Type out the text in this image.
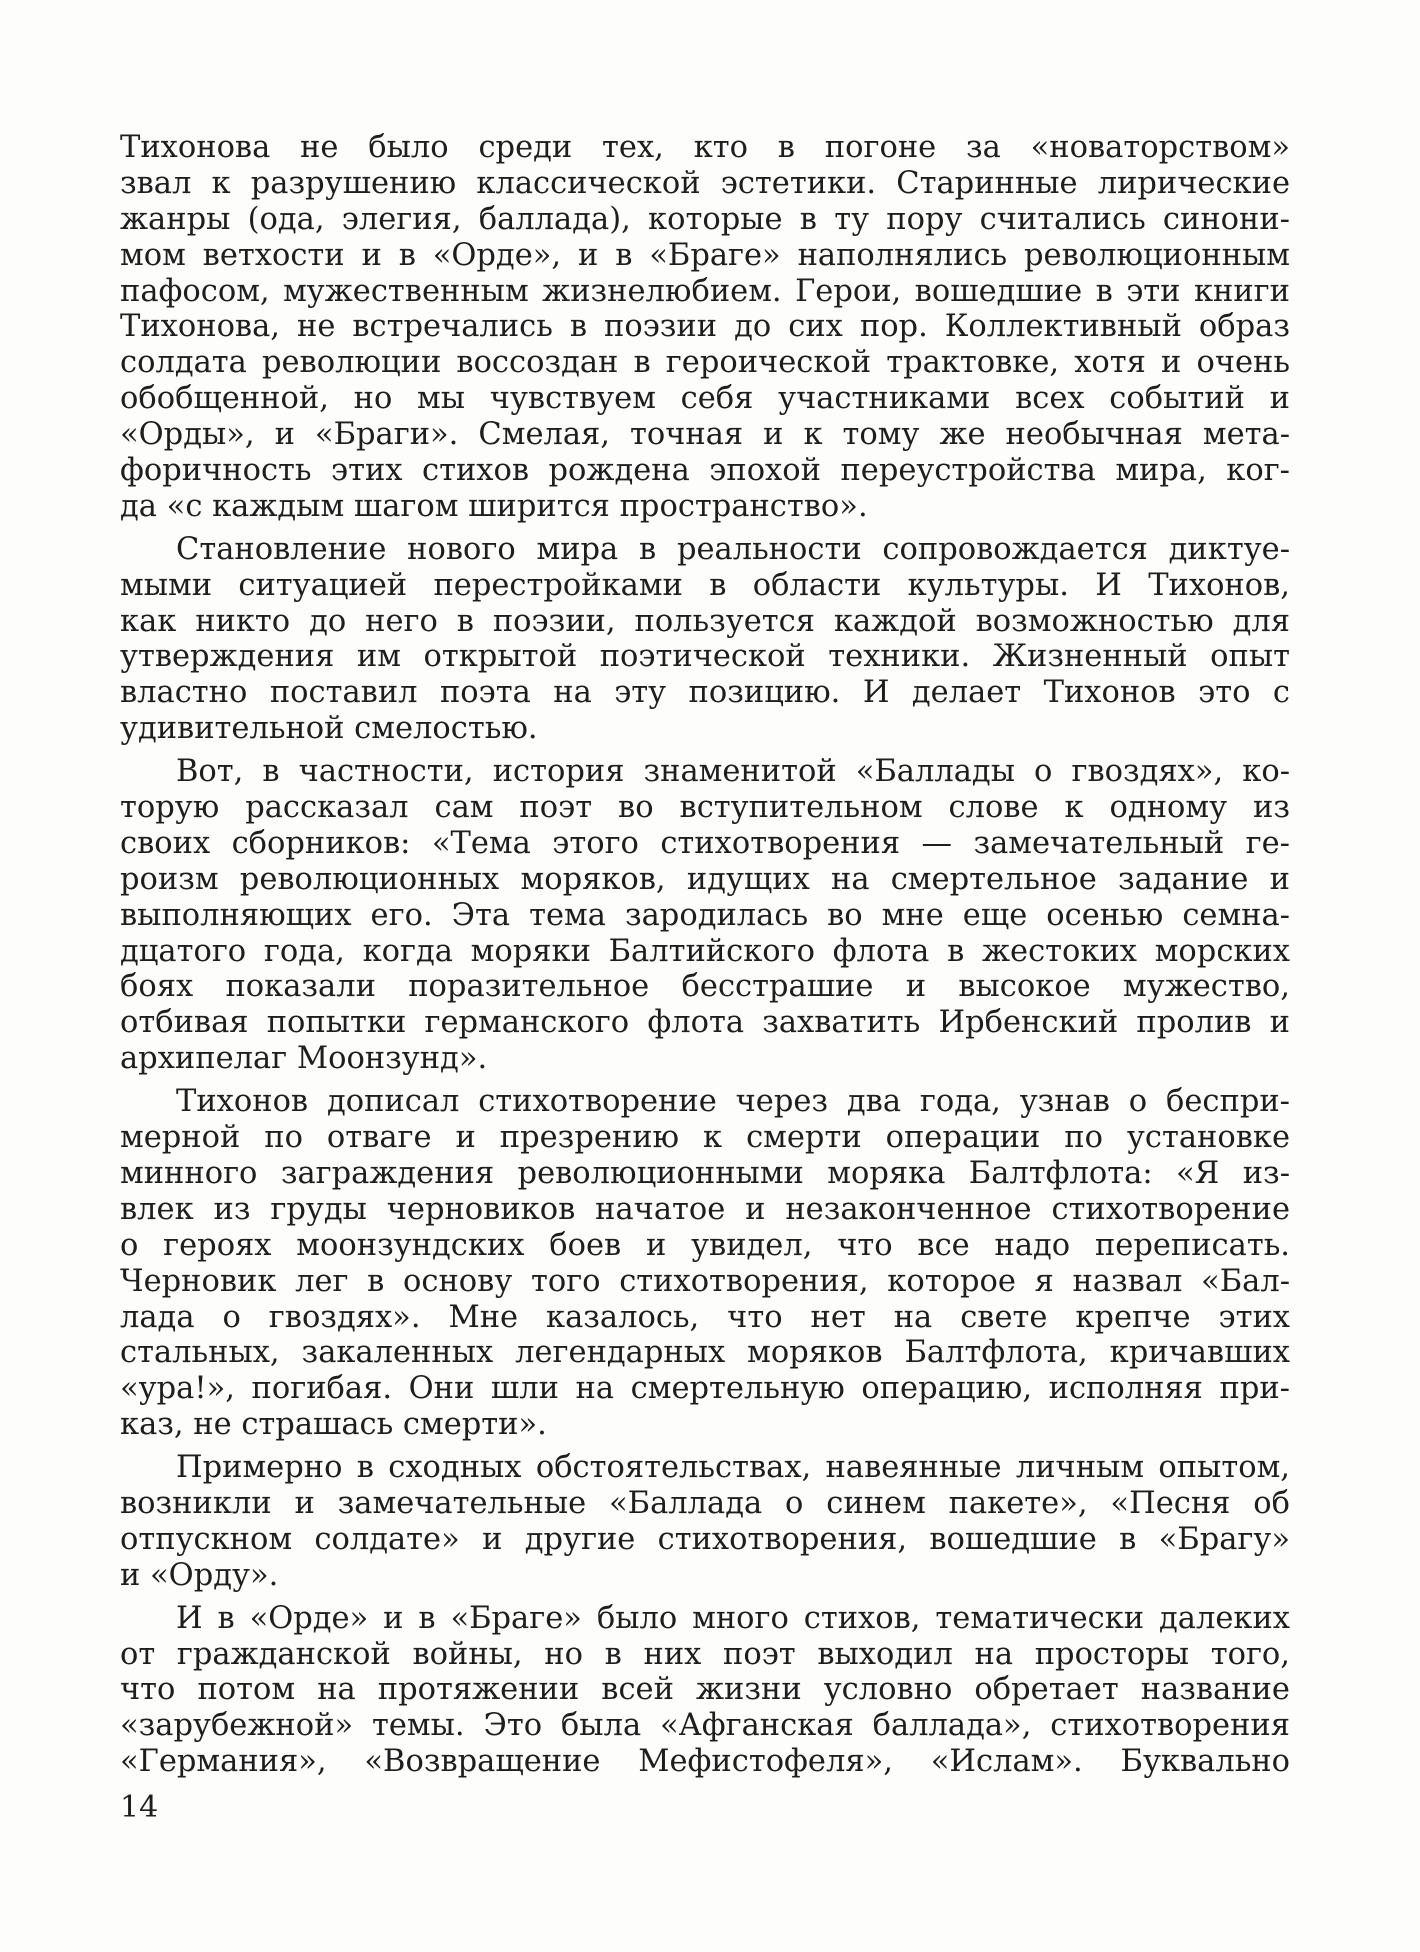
Тихонова не было среди тех, кто в погоне за «новаторством»
звал к разрушению классической эстетики. Старинные лирические
жанры (ода, элегия, баллада), которые в ту пору считались синони-
мом ветхости и в «Орде», и в «Браге» наполнялись революционным
пафосом, мужественным жизнелюбием. Герои, вошедшие в эти книги
Тихонова, не встречались в поэзии до сих пор. Коллективный образ
солдата революции воссоздан в героической трактовке, хотя и очень
обобщенной, но мы чувствуем себя участниками всех событий и
«Орды», и «Браги». Смелая, точная и к тому же необычная мета-
форичность этих стихов рождена эпохой переустройства мира, ког-
да «с каждым шагом ширится пространство».
Становление нового мира в реальности сопровождается диктуе-
мыми ситуацией перестройками в области культуры. И Тихонов,
как никто до него в поэзии, пользуется каждой возможностью для
утверждения им открытой поэтической техники. Жизненный опыт
властно поставил поэта на эту позицию. И делает Тихонов это с
удивительной смелостью.
Вот, в частности, история знаменитой «Баллады о гвоздях», ко-
торую рассказал сам поэт во вступительном слове к одному из
своих сборников: «Тема этого стихотворения — замечательный ге-
роизм революционных моряков, идущих на смертельное задание и
выполняющих его. Эта тема зародилась во мне еще осенью семна-
дцатого года, когда моряки Балтийского флота в жестоких морских
боях показали поразительное бесстрашие и высокое мужество,
отбивая попытки германского флота захватить Ирбенский пролив и
архипелаг Моонзунд».
Тихонов дописал стихотворение через два года, узнав о беспри-
мерной по отваге и презрению к смерти операции по установке
минного заграждения революционными моряка Балтфлота: «Я из-
влек из груды черновиков начатое и незаконченное стихотворение
о героях моонзундских боев и увидел, что все надо переписать.
Черновик лег в основу того стихотворения, которое я назвал «Бал-
лада о гвоздях». Мне казалось, что нет на свете крепче этих
стальных, закаленных легендарных моряков Балтфлота, кричавших
«ура!», погибая. Они шли на смертельную операцию, исполняя при-
каз, не страшась смерти».
Примерно в сходных обстоятельствах, навеянные личным опытом,
возникли и замечательные «Баллада о синем пакете», «Песня об
отпускном солдате» и другие стихотворения, вошедшие в «Брагу»
и «Орду».
И в «Орде» и в «Браге» было много стихов, тематически далеких
от гражданской войны, но в них поэт выходил на просторы того,
что потом на протяжении всей жизни условно обретает название
«зарубежной» темы. Это была «Афганская баллада», стихотворения
«Германия», «Возвращение Мефистофеля», «Ислам». Буквально
14
